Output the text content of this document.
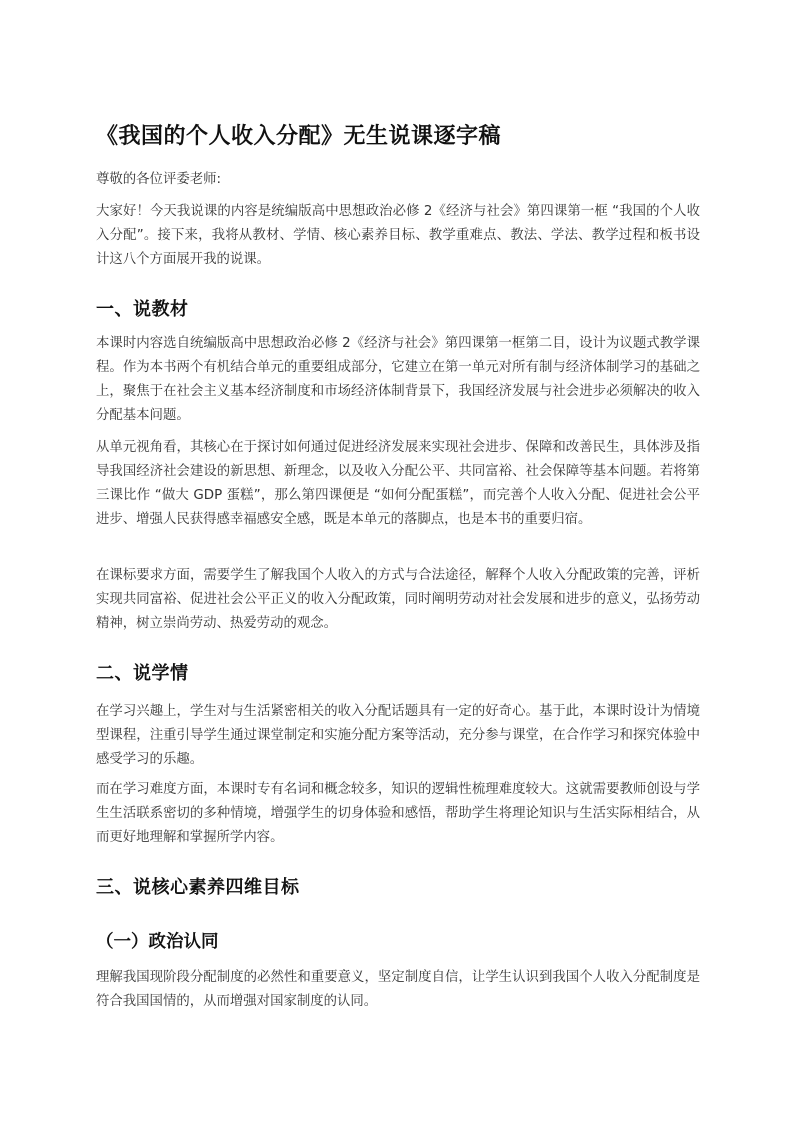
《我国的个人收入分配》无生说课逐字稿

尊敬的各位评委老师:

大家好！今天我说课的内容是统编版高中思想政治必修 2《经济与社会》第四课第一框 “我国的个人收入分配”。接下来，我将从教材、学情、核心素养目标、教学重难点、教法、学法、教学过程和板书设计这八个方面展开我的说课。

一、说教材

本课时内容选自统编版高中思想政治必修 2《经济与社会》第四课第一框第二目，设计为议题式教学课程。作为本书两个有机结合单元的重要组成部分，它建立在第一单元对所有制与经济体制学习的基础之上，聚焦于在社会主义基本经济制度和市场经济体制背景下，我国经济发展与社会进步必须解决的收入分配基本问题。

从单元视角看，其核心在于探讨如何通过促进经济发展来实现社会进步、保障和改善民生，具体涉及指导我国经济社会建设的新思想、新理念，以及收入分配公平、共同富裕、社会保障等基本问题。若将第三课比作 “做大 GDP 蛋糕”，那么第四课便是 “如何分配蛋糕”，而完善个人收入分配、促进社会公平进步、增强人民获得感幸福感安全感，既是本单元的落脚点，也是本书的重要归宿。

在课标要求方面，需要学生了解我国个人收入的方式与合法途径，解释个人收入分配政策的完善，评析实现共同富裕、促进社会公平正义的收入分配政策，同时阐明劳动对社会发展和进步的意义，弘扬劳动精神，树立崇尚劳动、热爱劳动的观念。

二、说学情

在学习兴趣上，学生对与生活紧密相关的收入分配话题具有一定的好奇心。基于此，本课时设计为情境型课程，注重引导学生通过课堂制定和实施分配方案等活动，充分参与课堂，在合作学习和探究体验中感受学习的乐趣。

而在学习难度方面，本课时专有名词和概念较多，知识的逻辑性梳理难度较大。这就需要教师创设与学生生活联系密切的多种情境，增强学生的切身体验和感悟，帮助学生将理论知识与生活实际相结合，从而更好地理解和掌握所学内容。

三、说核心素养四维目标
（一）政治认同

理解我国现阶段分配制度的必然性和重要意义，坚定制度自信，让学生认识到我国个人收入分配制度是符合我国国情的，从而增强对国家制度的认同。
